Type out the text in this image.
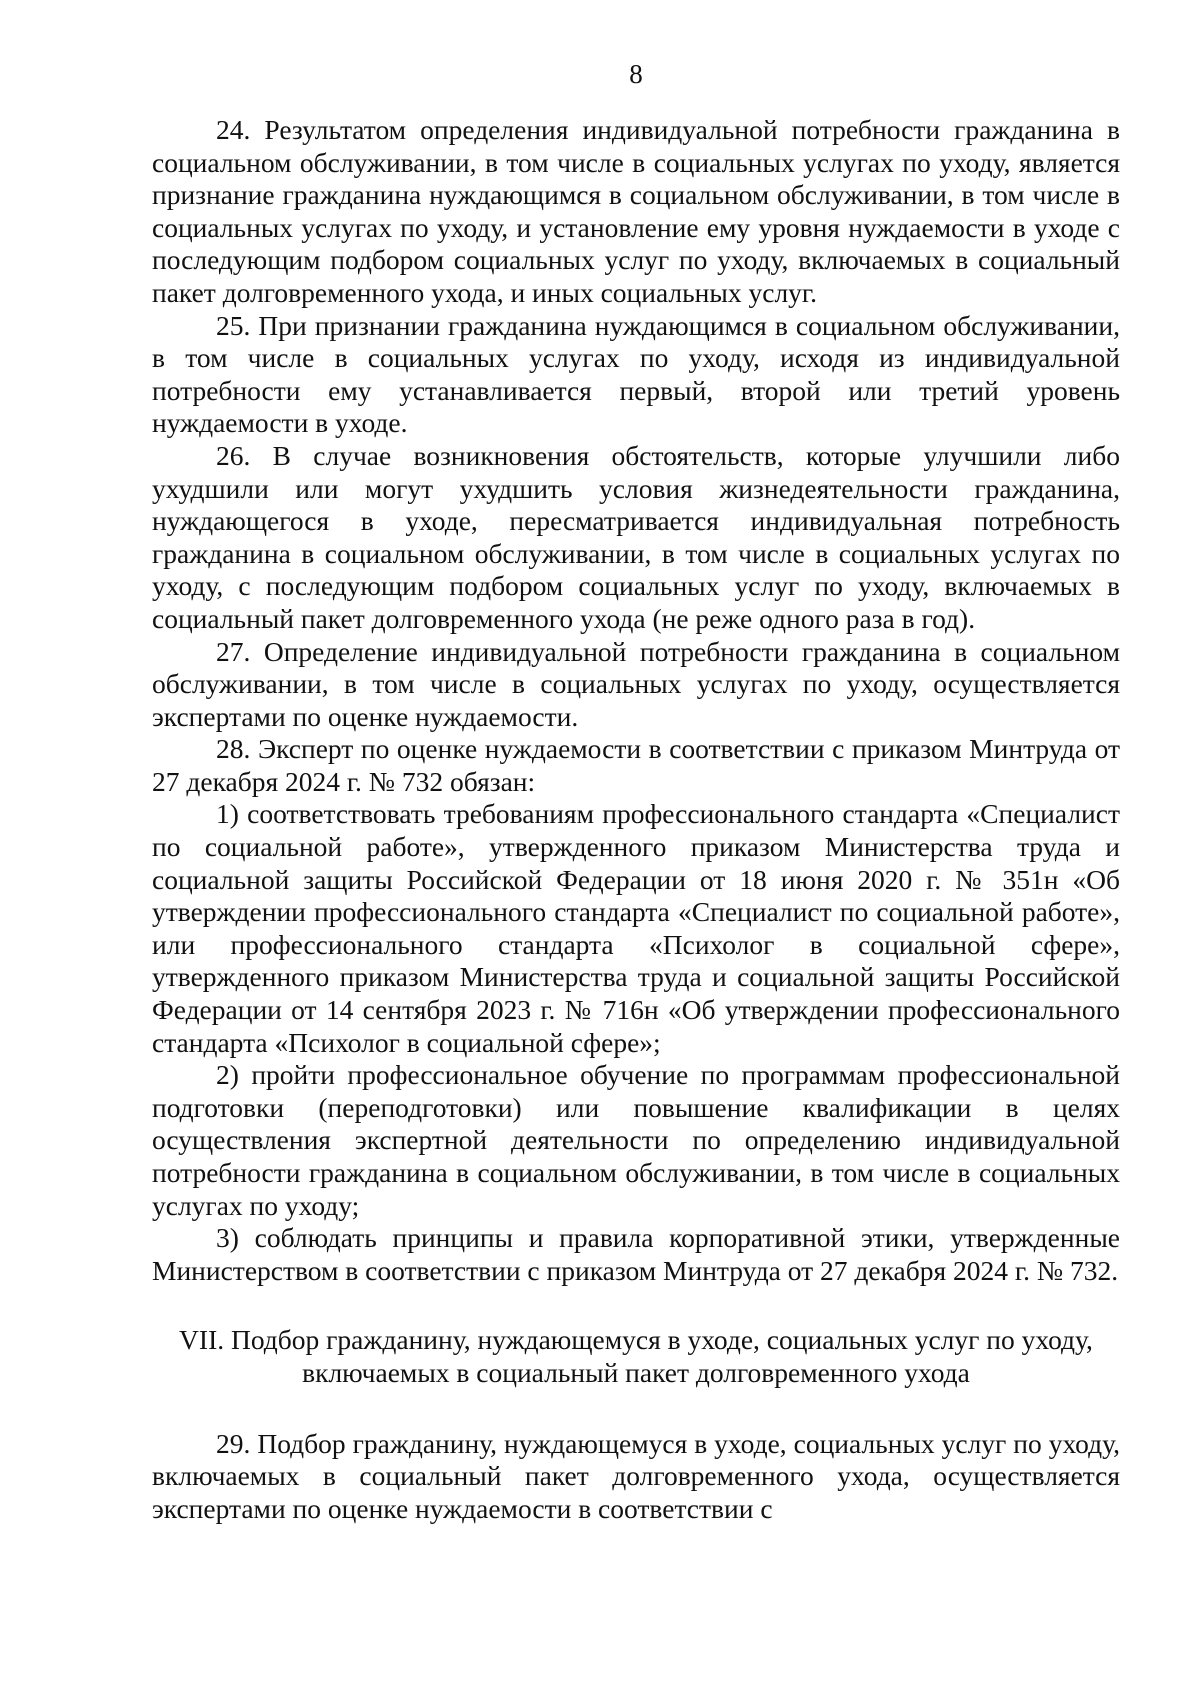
8

24. Результатом определения индивидуальной потребности гражданина в социальном обслуживании, в том числе в социальных услугах по уходу, является признание гражданина нуждающимся в социальном обслуживании, в том числе в социальных услугах по уходу, и установление ему уровня нуждаемости в уходе с последующим подбором социальных услуг по уходу, включаемых в социальный пакет долговременного ухода, и иных социальных услуг.

25. При признании гражданина нуждающимся в социальном обслуживании, в том числе в социальных услугах по уходу, исходя из индивидуальной потребности ему устанавливается первый, второй или третий уровень нуждаемости в уходе.

26. В случае возникновения обстоятельств, которые улучшили либо ухудшили или могут ухудшить условия жизнедеятельности гражданина, нуждающегося в уходе, пересматривается индивидуальная потребность гражданина в социальном обслуживании, в том числе в социальных услугах по уходу, с последующим подбором социальных услуг по уходу, включаемых в социальный пакет долговременного ухода (не реже одного раза в год).

27. Определение индивидуальной потребности гражданина в социальном обслуживании, в том числе в социальных услугах по уходу, осуществляется экспертами по оценке нуждаемости.

28. Эксперт по оценке нуждаемости в соответствии с приказом Минтруда от 27 декабря 2024 г. № 732 обязан:

1) соответствовать требованиям профессионального стандарта «Специалист по социальной работе», утвержденного приказом Министерства труда и социальной защиты Российской Федерации от 18 июня 2020 г. № 351н «Об утверждении профессионального стандарта «Специалист по социальной работе», или профессионального стандарта «Психолог в социальной сфере», утвержденного приказом Министерства труда и социальной защиты Российской Федерации от 14 сентября 2023 г. № 716н «Об утверждении профессионального стандарта «Психолог в социальной сфере»;

2) пройти профессиональное обучение по программам профессиональной подготовки (переподготовки) или повышение квалификации в целях осуществления экспертной деятельности по определению индивидуальной потребности гражданина в социальном обслуживании, в том числе в социальных услугах по уходу;

3) соблюдать принципы и правила корпоративной этики, утвержденные Министерством в соответствии с приказом Минтруда от 27 декабря 2024 г. № 732.

VII. Подбор гражданину, нуждающемуся в уходе, социальных услуг по уходу,
включаемых в социальный пакет долговременного ухода

29. Подбор гражданину, нуждающемуся в уходе, социальных услуг по уходу, включаемых в социальный пакет долговременного ухода, осуществляется экспертами по оценке нуждаемости в соответствии с
